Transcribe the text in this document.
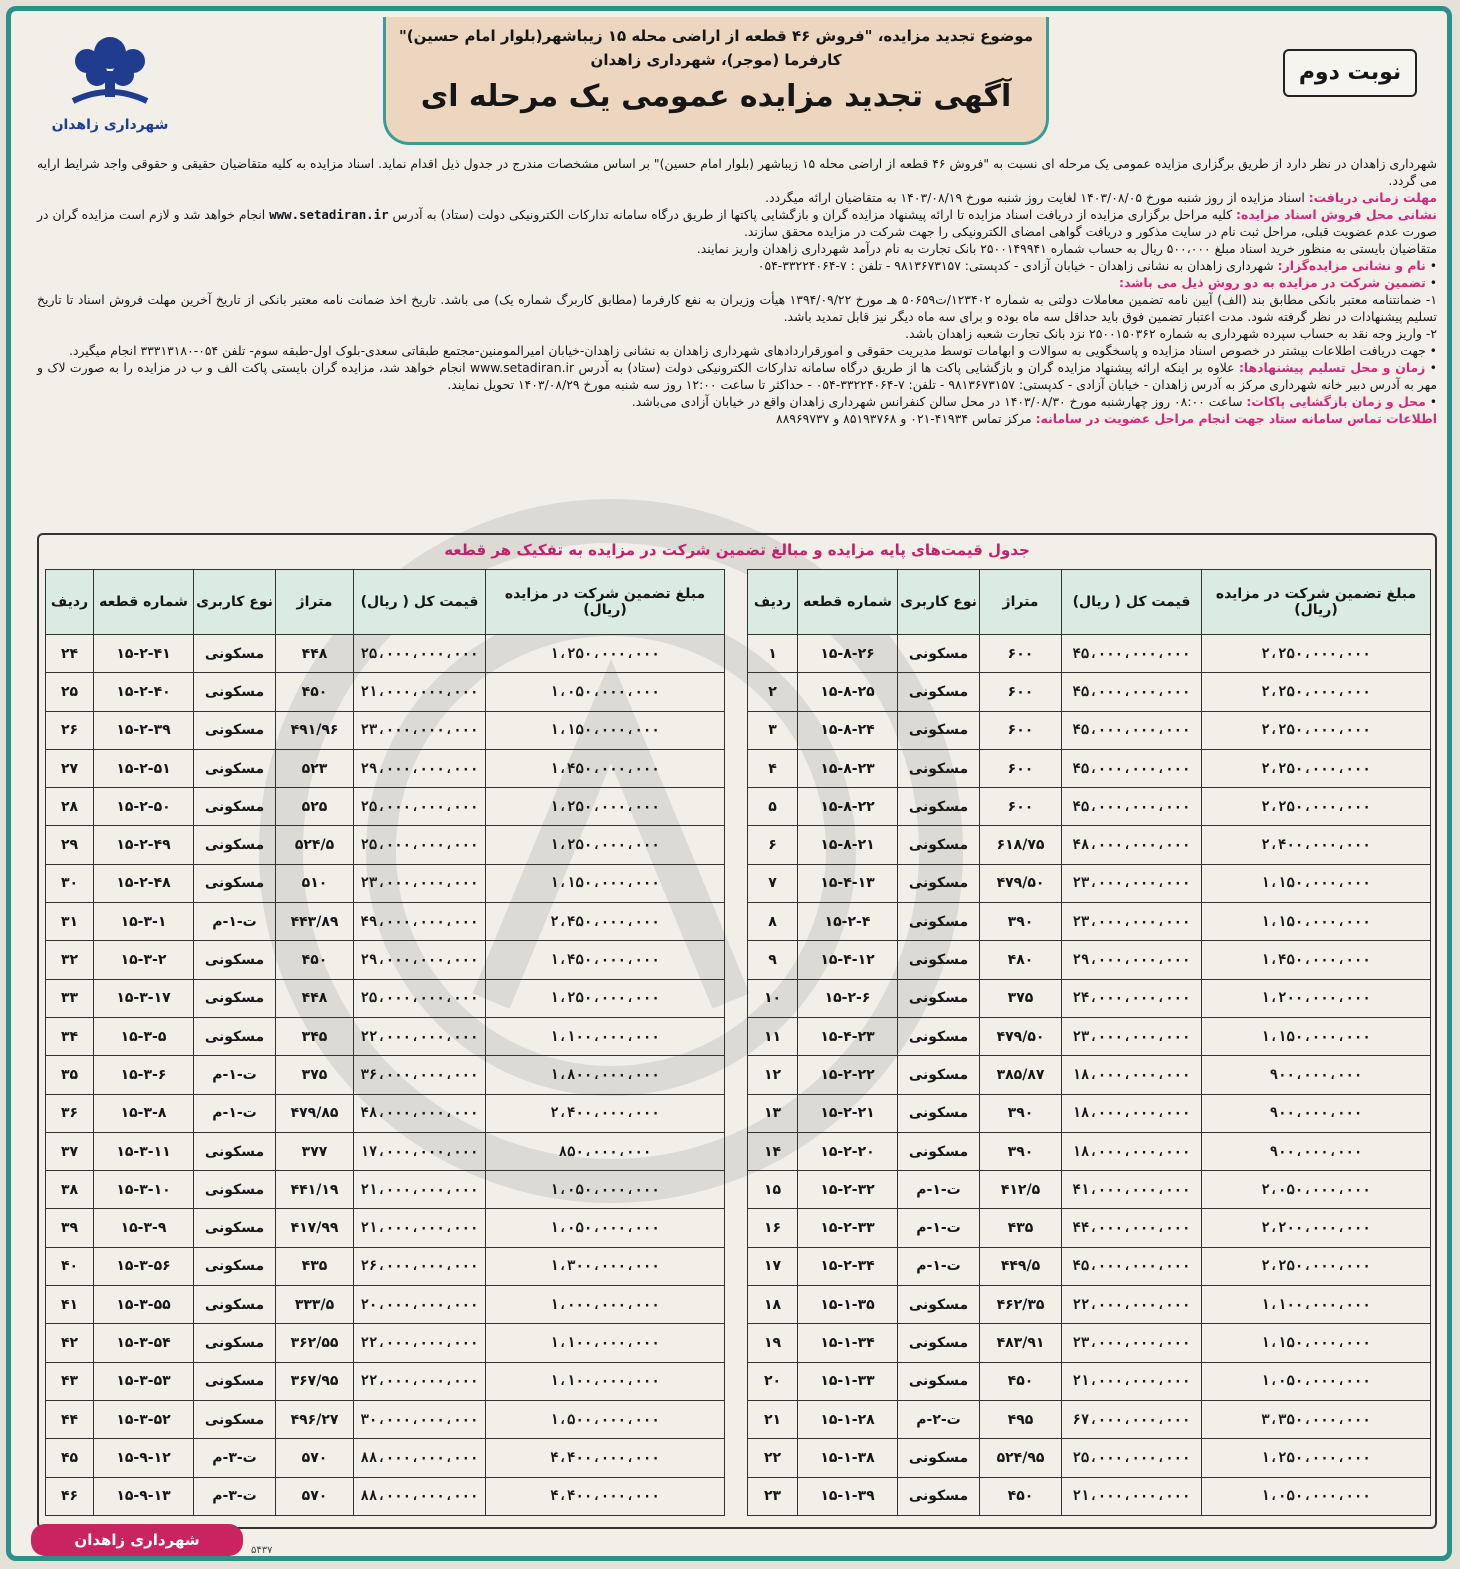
شهرداری زاهدان
موضوع تجدید مزایده، "فروش ۴۶ قطعه از اراضی محله ۱۵ زیباشهر(بلوار امام حسین)"
کارفرما (موجر)، شهرداری زاهدان
آگهی تجدید مزایده عمومی یک مرحله ای
نوبت دوم

شهرداری زاهدان در نظر دارد از طریق برگزاری مزایده عمومی یک مرحله ای نسبت به "فروش ۴۶ قطعه از اراضی محله ۱۵ زیباشهر (بلوار امام حسین)" بر اساس مشخصات مندرج در جدول ذیل اقدام نماید. اسناد مزایده به کلیه متقاضیان حقیقی و حقوقی واجد شرایط ارایه می گردد.

مهلت زمانی دریافت: اسناد مزایده از روز شنبه مورخ ۱۴۰۳/۰۸/۰۵ لغایت روز شنبه مورخ ۱۴۰۳/۰۸/۱۹ به متقاضیان ارائه میگردد.

نشانی محل فروش اسناد مزایده: کلیه مراحل برگزاری مزایده از دریافت اسناد مزایده تا ارائه پیشنهاد مزایده گران و بازگشایی پاکتها از طریق درگاه سامانه تدارکات الکترونیکی دولت (ستاد) به آدرس www.setadiran.ir انجام خواهد شد و لازم است مزایده گران در صورت عدم عضویت قبلی، مراحل ثبت نام در سایت مذکور و دریافت گواهی امضای الکترونیکی را جهت شرکت در مزایده محقق سازند.

متقاضیان بایستی به منظور خرید اسناد مبلغ ۵۰۰،۰۰۰ ریال به حساب شماره ۲۵۰۰۱۴۹۹۴۱ بانک تجارت به نام درآمد شهرداری زاهدان واریز نمایند.

• نام و نشانی مزایده‌گزار: شهرداری زاهدان به نشانی زاهدان - خیابان آزادی - کدپستی: ۹۸۱۳۶۷۳۱۵۷ - تلفن : ۷-۳۳۲۲۴۰۶۴-۰۵۴

• تضمین شرکت در مزایده به دو روش ذیل می باشد:

۱- ضمانتنامه معتبر بانکی مطابق بند (الف) آیین نامه تضمین معاملات دولتی به شماره ۱۲۳۴۰۲/ت۵۰۶۵۹ هـ مورخ ۱۳۹۴/۰۹/۲۲ هیأت وزیران به نفع کارفرما (مطابق کاربرگ شماره یک) می باشد. تاریخ اخذ ضمانت نامه معتبر بانکی از تاریخ آخرین مهلت فروش اسناد تا تاریخ تسلیم پیشنهادات در نظر گرفته شود. مدت اعتبار تضمین فوق باید حداقل سه ماه بوده و برای سه ماه دیگر نیز قابل تمدید باشد.

۲- واریز وجه نقد به حساب سپرده شهرداری به شماره ۲۵۰۰۱۵۰۳۶۲ نزد بانک تجارت شعبه زاهدان باشد.

• جهت دریافت اطلاعات بیشتر در خصوص اسناد مزایده و پاسخگویی به سوالات و ابهامات توسط مدیریت حقوقی و امورقراردادهای شهرداری زاهدان به نشانی زاهدان-خیابان امیرالمومنین-مجتمع طبقاتی سعدی-بلوک اول-طبقه سوم- تلفن ۰۵۴-۳۳۳۱۳۱۸۰ انجام میگیرد.

• زمان و محل تسلیم پیشنهادها: علاوه بر اینکه ارائه پیشنهاد مزایده گران و بازگشایی پاکت ها از طریق درگاه سامانه تدارکات الکترونیکی دولت (ستاد) به آدرس www.setadiran.ir انجام خواهد شد، مزایده گران بایستی پاکت الف و ب در مزایده را به صورت لاک و مهر به آدرس دبیر خانه شهرداری مرکز به آدرس زاهدان - خیابان آزادی - کدپستی: ۹۸۱۳۶۷۳۱۵۷ - تلفن: ۷-۳۳۲۲۴۰۶۴-۰۵۴ - حداکثر تا ساعت ۱۲:۰۰ روز سه شنبه مورخ ۱۴۰۳/۰۸/۲۹ تحویل نمایند.

• محل و زمان بازگشایی پاکات: ساعت ۰۸:۰۰ روز چهارشنبه مورخ ۱۴۰۳/۰۸/۳۰ در محل سالن کنفرانس شهرداری زاهدان واقع در خیابان آزادی می‌باشد.

اطلاعات تماس سامانه ستاد جهت انجام مراحل عضویت در سامانه: مرکز تماس ۴۱۹۳۴-۰۲۱ و ۸۵۱۹۳۷۶۸ و ۸۸۹۶۹۷۳۷

جدول قیمت‌های پایه مزایده و مبالغ تضمین شرکت در مزایده به تفکیک هر قطعه
ردیف	شماره قطعه	نوع کاربری	متراژ	قیمت کل ( ریال)	مبلغ تضمین شرکت در مزایده (ریال)
۱	۱۵-۸-۲۶	مسکونی	۶۰۰	۴۵،۰۰۰،۰۰۰،۰۰۰	۲،۲۵۰،۰۰۰،۰۰۰
۲	۱۵-۸-۲۵	مسکونی	۶۰۰	۴۵،۰۰۰،۰۰۰،۰۰۰	۲،۲۵۰،۰۰۰،۰۰۰
۳	۱۵-۸-۲۴	مسکونی	۶۰۰	۴۵،۰۰۰،۰۰۰،۰۰۰	۲،۲۵۰،۰۰۰،۰۰۰
۴	۱۵-۸-۲۳	مسکونی	۶۰۰	۴۵،۰۰۰،۰۰۰،۰۰۰	۲،۲۵۰،۰۰۰،۰۰۰
۵	۱۵-۸-۲۲	مسکونی	۶۰۰	۴۵،۰۰۰،۰۰۰،۰۰۰	۲،۲۵۰،۰۰۰،۰۰۰
۶	۱۵-۸-۲۱	مسکونی	۶۱۸/۷۵	۴۸،۰۰۰،۰۰۰،۰۰۰	۲،۴۰۰،۰۰۰،۰۰۰
۷	۱۵-۴-۱۳	مسکونی	۴۷۹/۵۰	۲۳،۰۰۰،۰۰۰،۰۰۰	۱،۱۵۰،۰۰۰،۰۰۰
۸	۱۵-۲-۴	مسکونی	۳۹۰	۲۳،۰۰۰،۰۰۰،۰۰۰	۱،۱۵۰،۰۰۰،۰۰۰
۹	۱۵-۴-۱۲	مسکونی	۴۸۰	۲۹،۰۰۰،۰۰۰،۰۰۰	۱،۴۵۰،۰۰۰،۰۰۰
۱۰	۱۵-۲-۶	مسکونی	۳۷۵	۲۴،۰۰۰،۰۰۰،۰۰۰	۱،۲۰۰،۰۰۰،۰۰۰
۱۱	۱۵-۴-۲۳	مسکونی	۴۷۹/۵۰	۲۳،۰۰۰،۰۰۰،۰۰۰	۱،۱۵۰،۰۰۰،۰۰۰
۱۲	۱۵-۲-۲۲	مسکونی	۳۸۵/۸۷	۱۸،۰۰۰،۰۰۰،۰۰۰	۹۰۰،۰۰۰،۰۰۰
۱۳	۱۵-۲-۲۱	مسکونی	۳۹۰	۱۸،۰۰۰،۰۰۰،۰۰۰	۹۰۰،۰۰۰،۰۰۰
۱۴	۱۵-۲-۲۰	مسکونی	۳۹۰	۱۸،۰۰۰،۰۰۰،۰۰۰	۹۰۰،۰۰۰،۰۰۰
۱۵	۱۵-۲-۳۲	ت-۱-م	۴۱۲/۵	۴۱،۰۰۰،۰۰۰،۰۰۰	۲،۰۵۰،۰۰۰،۰۰۰
۱۶	۱۵-۲-۳۳	ت-۱-م	۴۳۵	۴۴،۰۰۰،۰۰۰،۰۰۰	۲،۲۰۰،۰۰۰،۰۰۰
۱۷	۱۵-۲-۳۴	ت-۱-م	۴۴۹/۵	۴۵،۰۰۰،۰۰۰،۰۰۰	۲،۲۵۰،۰۰۰،۰۰۰
۱۸	۱۵-۱-۳۵	مسکونی	۴۶۲/۳۵	۲۲،۰۰۰،۰۰۰،۰۰۰	۱،۱۰۰،۰۰۰،۰۰۰
۱۹	۱۵-۱-۳۴	مسکونی	۴۸۳/۹۱	۲۳،۰۰۰،۰۰۰،۰۰۰	۱،۱۵۰،۰۰۰،۰۰۰
۲۰	۱۵-۱-۳۳	مسکونی	۴۵۰	۲۱،۰۰۰،۰۰۰،۰۰۰	۱،۰۵۰،۰۰۰،۰۰۰
۲۱	۱۵-۱-۲۸	ت-۲-م	۴۹۵	۶۷،۰۰۰،۰۰۰،۰۰۰	۳،۳۵۰،۰۰۰،۰۰۰
۲۲	۱۵-۱-۳۸	مسکونی	۵۲۴/۹۵	۲۵،۰۰۰،۰۰۰،۰۰۰	۱،۲۵۰،۰۰۰،۰۰۰
۲۳	۱۵-۱-۳۹	مسکونی	۴۵۰	۲۱،۰۰۰،۰۰۰،۰۰۰	۱،۰۵۰،۰۰۰،۰۰۰
ردیف	شماره قطعه	نوع کاربری	متراژ	قیمت کل ( ریال)	مبلغ تضمین شرکت در مزایده (ریال)
۲۴	۱۵-۲-۴۱	مسکونی	۴۴۸	۲۵،۰۰۰،۰۰۰،۰۰۰	۱،۲۵۰،۰۰۰،۰۰۰
۲۵	۱۵-۲-۴۰	مسکونی	۴۵۰	۲۱،۰۰۰،۰۰۰،۰۰۰	۱،۰۵۰،۰۰۰،۰۰۰
۲۶	۱۵-۲-۳۹	مسکونی	۴۹۱/۹۶	۲۳،۰۰۰،۰۰۰،۰۰۰	۱،۱۵۰،۰۰۰،۰۰۰
۲۷	۱۵-۲-۵۱	مسکونی	۵۲۳	۲۹،۰۰۰،۰۰۰،۰۰۰	۱،۴۵۰،۰۰۰،۰۰۰
۲۸	۱۵-۲-۵۰	مسکونی	۵۲۵	۲۵،۰۰۰،۰۰۰،۰۰۰	۱،۲۵۰،۰۰۰،۰۰۰
۲۹	۱۵-۲-۴۹	مسکونی	۵۲۴/۵	۲۵،۰۰۰،۰۰۰،۰۰۰	۱،۲۵۰،۰۰۰،۰۰۰
۳۰	۱۵-۲-۴۸	مسکونی	۵۱۰	۲۳،۰۰۰،۰۰۰،۰۰۰	۱،۱۵۰،۰۰۰،۰۰۰
۳۱	۱۵-۳-۱	ت-۱-م	۴۴۳/۸۹	۴۹،۰۰۰،۰۰۰،۰۰۰	۲،۴۵۰،۰۰۰،۰۰۰
۳۲	۱۵-۳-۲	مسکونی	۴۵۰	۲۹،۰۰۰،۰۰۰،۰۰۰	۱،۴۵۰،۰۰۰،۰۰۰
۳۳	۱۵-۳-۱۷	مسکونی	۴۴۸	۲۵،۰۰۰،۰۰۰،۰۰۰	۱،۲۵۰،۰۰۰،۰۰۰
۳۴	۱۵-۳-۵	مسکونی	۳۴۵	۲۲،۰۰۰،۰۰۰،۰۰۰	۱،۱۰۰،۰۰۰،۰۰۰
۳۵	۱۵-۳-۶	ت-۱-م	۳۷۵	۳۶،۰۰۰،۰۰۰،۰۰۰	۱،۸۰۰،۰۰۰،۰۰۰
۳۶	۱۵-۳-۸	ت-۱-م	۴۷۹/۸۵	۴۸،۰۰۰،۰۰۰،۰۰۰	۲،۴۰۰،۰۰۰،۰۰۰
۳۷	۱۵-۳-۱۱	مسکونی	۳۷۷	۱۷،۰۰۰،۰۰۰،۰۰۰	۸۵۰،۰۰۰،۰۰۰
۳۸	۱۵-۳-۱۰	مسکونی	۴۴۱/۱۹	۲۱،۰۰۰،۰۰۰،۰۰۰	۱،۰۵۰،۰۰۰،۰۰۰
۳۹	۱۵-۳-۹	مسکونی	۴۱۷/۹۹	۲۱،۰۰۰،۰۰۰،۰۰۰	۱،۰۵۰،۰۰۰،۰۰۰
۴۰	۱۵-۳-۵۶	مسکونی	۴۳۵	۲۶،۰۰۰،۰۰۰،۰۰۰	۱،۳۰۰،۰۰۰،۰۰۰
۴۱	۱۵-۳-۵۵	مسکونی	۳۳۳/۵	۲۰،۰۰۰،۰۰۰،۰۰۰	۱،۰۰۰،۰۰۰،۰۰۰
۴۲	۱۵-۳-۵۴	مسکونی	۳۶۲/۵۵	۲۲،۰۰۰،۰۰۰،۰۰۰	۱،۱۰۰،۰۰۰،۰۰۰
۴۳	۱۵-۳-۵۳	مسکونی	۳۶۷/۹۵	۲۲،۰۰۰،۰۰۰،۰۰۰	۱،۱۰۰،۰۰۰،۰۰۰
۴۴	۱۵-۳-۵۲	مسکونی	۴۹۶/۲۷	۳۰،۰۰۰،۰۰۰،۰۰۰	۱،۵۰۰،۰۰۰،۰۰۰
۴۵	۱۵-۹-۱۲	ت-۳-م	۵۷۰	۸۸،۰۰۰،۰۰۰،۰۰۰	۴،۴۰۰،۰۰۰،۰۰۰
۴۶	۱۵-۹-۱۳	ت-۳-م	۵۷۰	۸۸،۰۰۰،۰۰۰،۰۰۰	۴،۴۰۰،۰۰۰،۰۰۰
شهرداری زاهدان
۵۴۳۷
